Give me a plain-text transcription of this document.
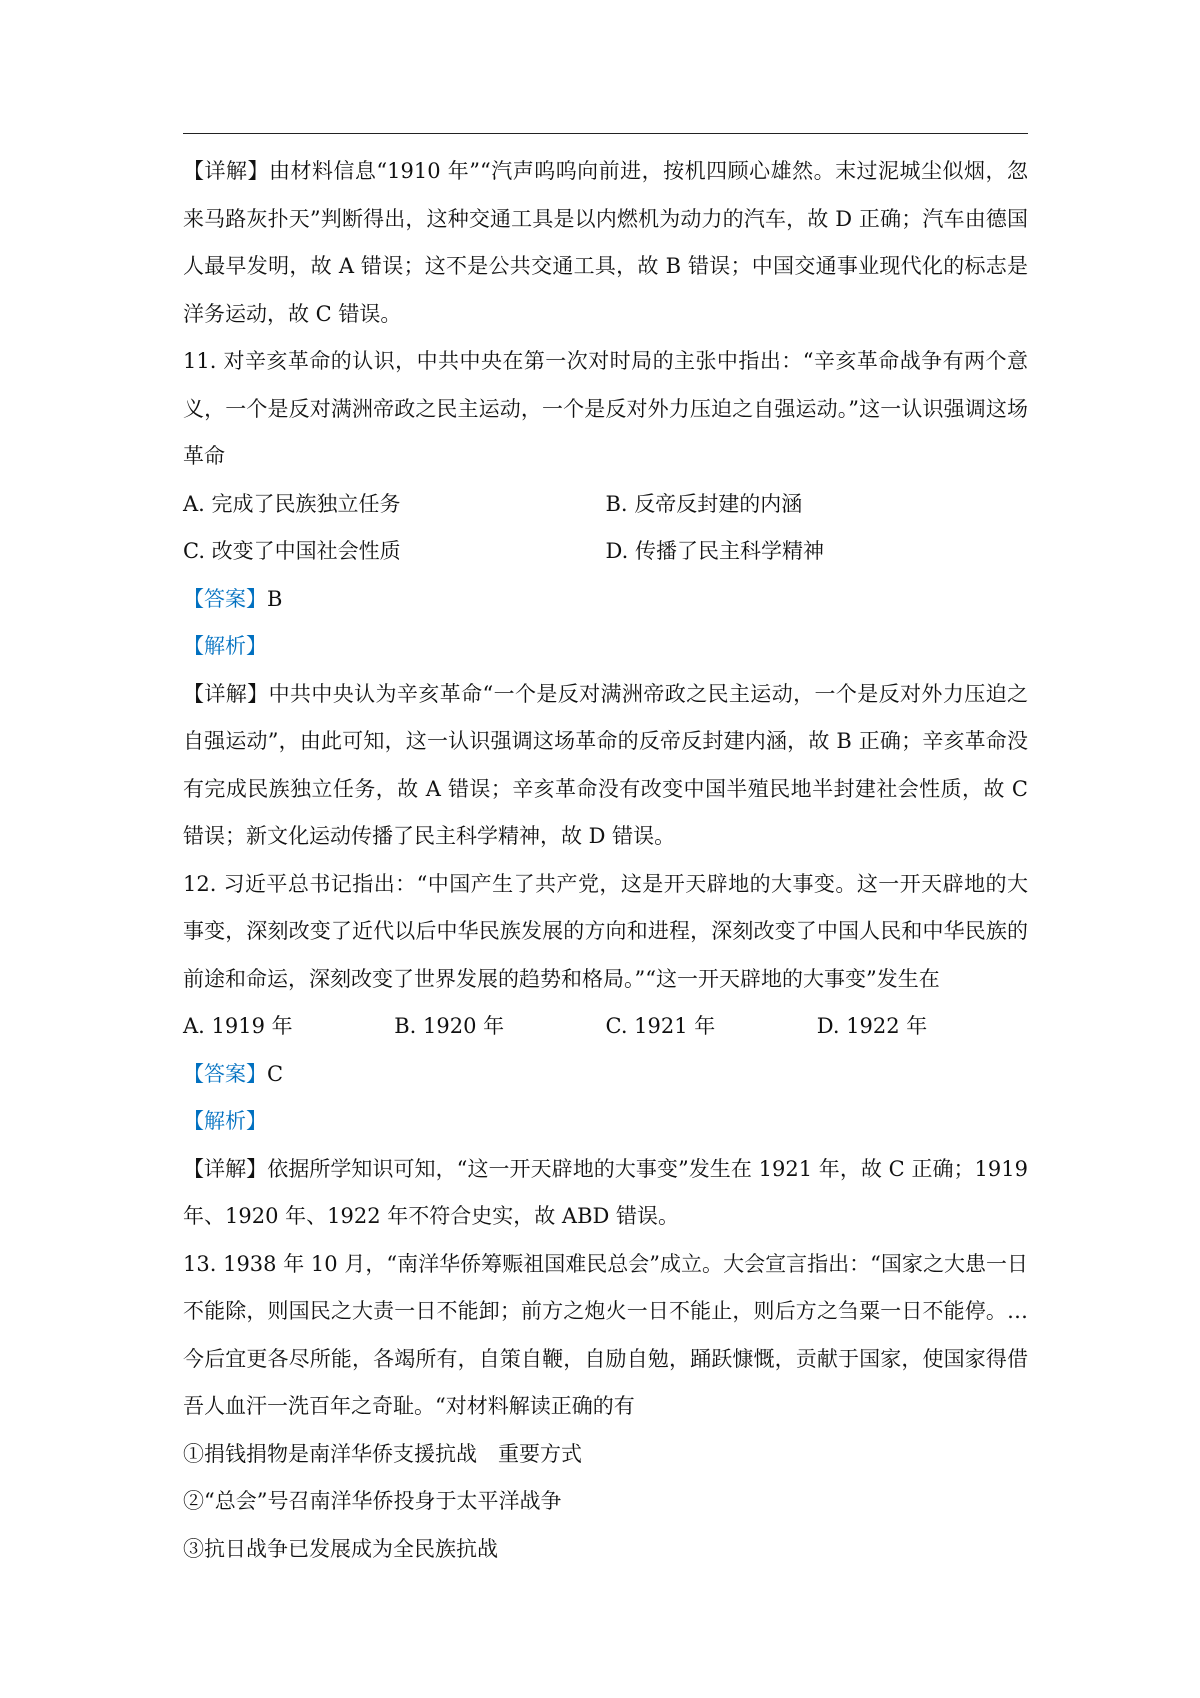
【详解】由材料信息“1910 年”“汽声呜呜向前进，按机四顾心雄然。末过泥城尘似烟，忽来马路灰扑天”判断得出，这种交通工具是以内燃机为动力的汽车，故 D 正确；汽车由德国人最早发明，故 A 错误；这不是公共交通工具，故 B 错误；中国交通事业现代化的标志是洋务运动，故 C 错误。

11. 对辛亥革命的认识，中共中央在第一次对时局的主张中指出：“辛亥革命战争有两个意义，一个是反对满洲帝政之民主运动，一个是反对外力压迫之自强运动。”这一认识强调这场革命

A. 完成了民族独立任务	B. 反帝反封建的内涵
C. 改变了中国社会性质	D. 传播了民主科学精神

【答案】B

【解析】

【详解】中共中央认为辛亥革命“一个是反对满洲帝政之民主运动，一个是反对外力压迫之自强运动”，由此可知，这一认识强调这场革命的反帝反封建内涵，故 B 正确；辛亥革命没有完成民族独立任务，故 A 错误；辛亥革命没有改变中国半殖民地半封建社会性质，故 C 错误；新文化运动传播了民主科学精神，故 D 错误。

12. 习近平总书记指出：“中国产生了共产党，这是开天辟地的大事变。这一开天辟地的大事变，深刻改变了近代以后中华民族发展的方向和进程，深刻改变了中国人民和中华民族的前途和命运，深刻改变了世界发展的趋势和格局。”“这一开天辟地的大事变”发生在

A. 1919 年	B. 1920 年	C. 1921 年	D. 1922 年

【答案】C

【解析】

【详解】依据所学知识可知，“这一开天辟地的大事变”发生在 1921 年，故 C 正确；1919 年、1920 年、1922 年不符合史实，故 ABD 错误。

13. 1938 年 10 月，“南洋华侨筹赈祖国难民总会”成立。大会宣言指出：“国家之大患一日不能除，则国民之大责一日不能卸；前方之炮火一日不能止，则后方之刍粟一日不能停。…今后宜更各尽所能，各竭所有，自策自鞭，自励自勉，踊跃慷慨，贡献于国家，使国家得借吾人血汗一洗百年之奇耻。“对材料解读正确的有

①捐钱捐物是南洋华侨支援抗战　重要方式

②“总会”号召南洋华侨投身于太平洋战争

③抗日战争已发展成为全民族抗战
